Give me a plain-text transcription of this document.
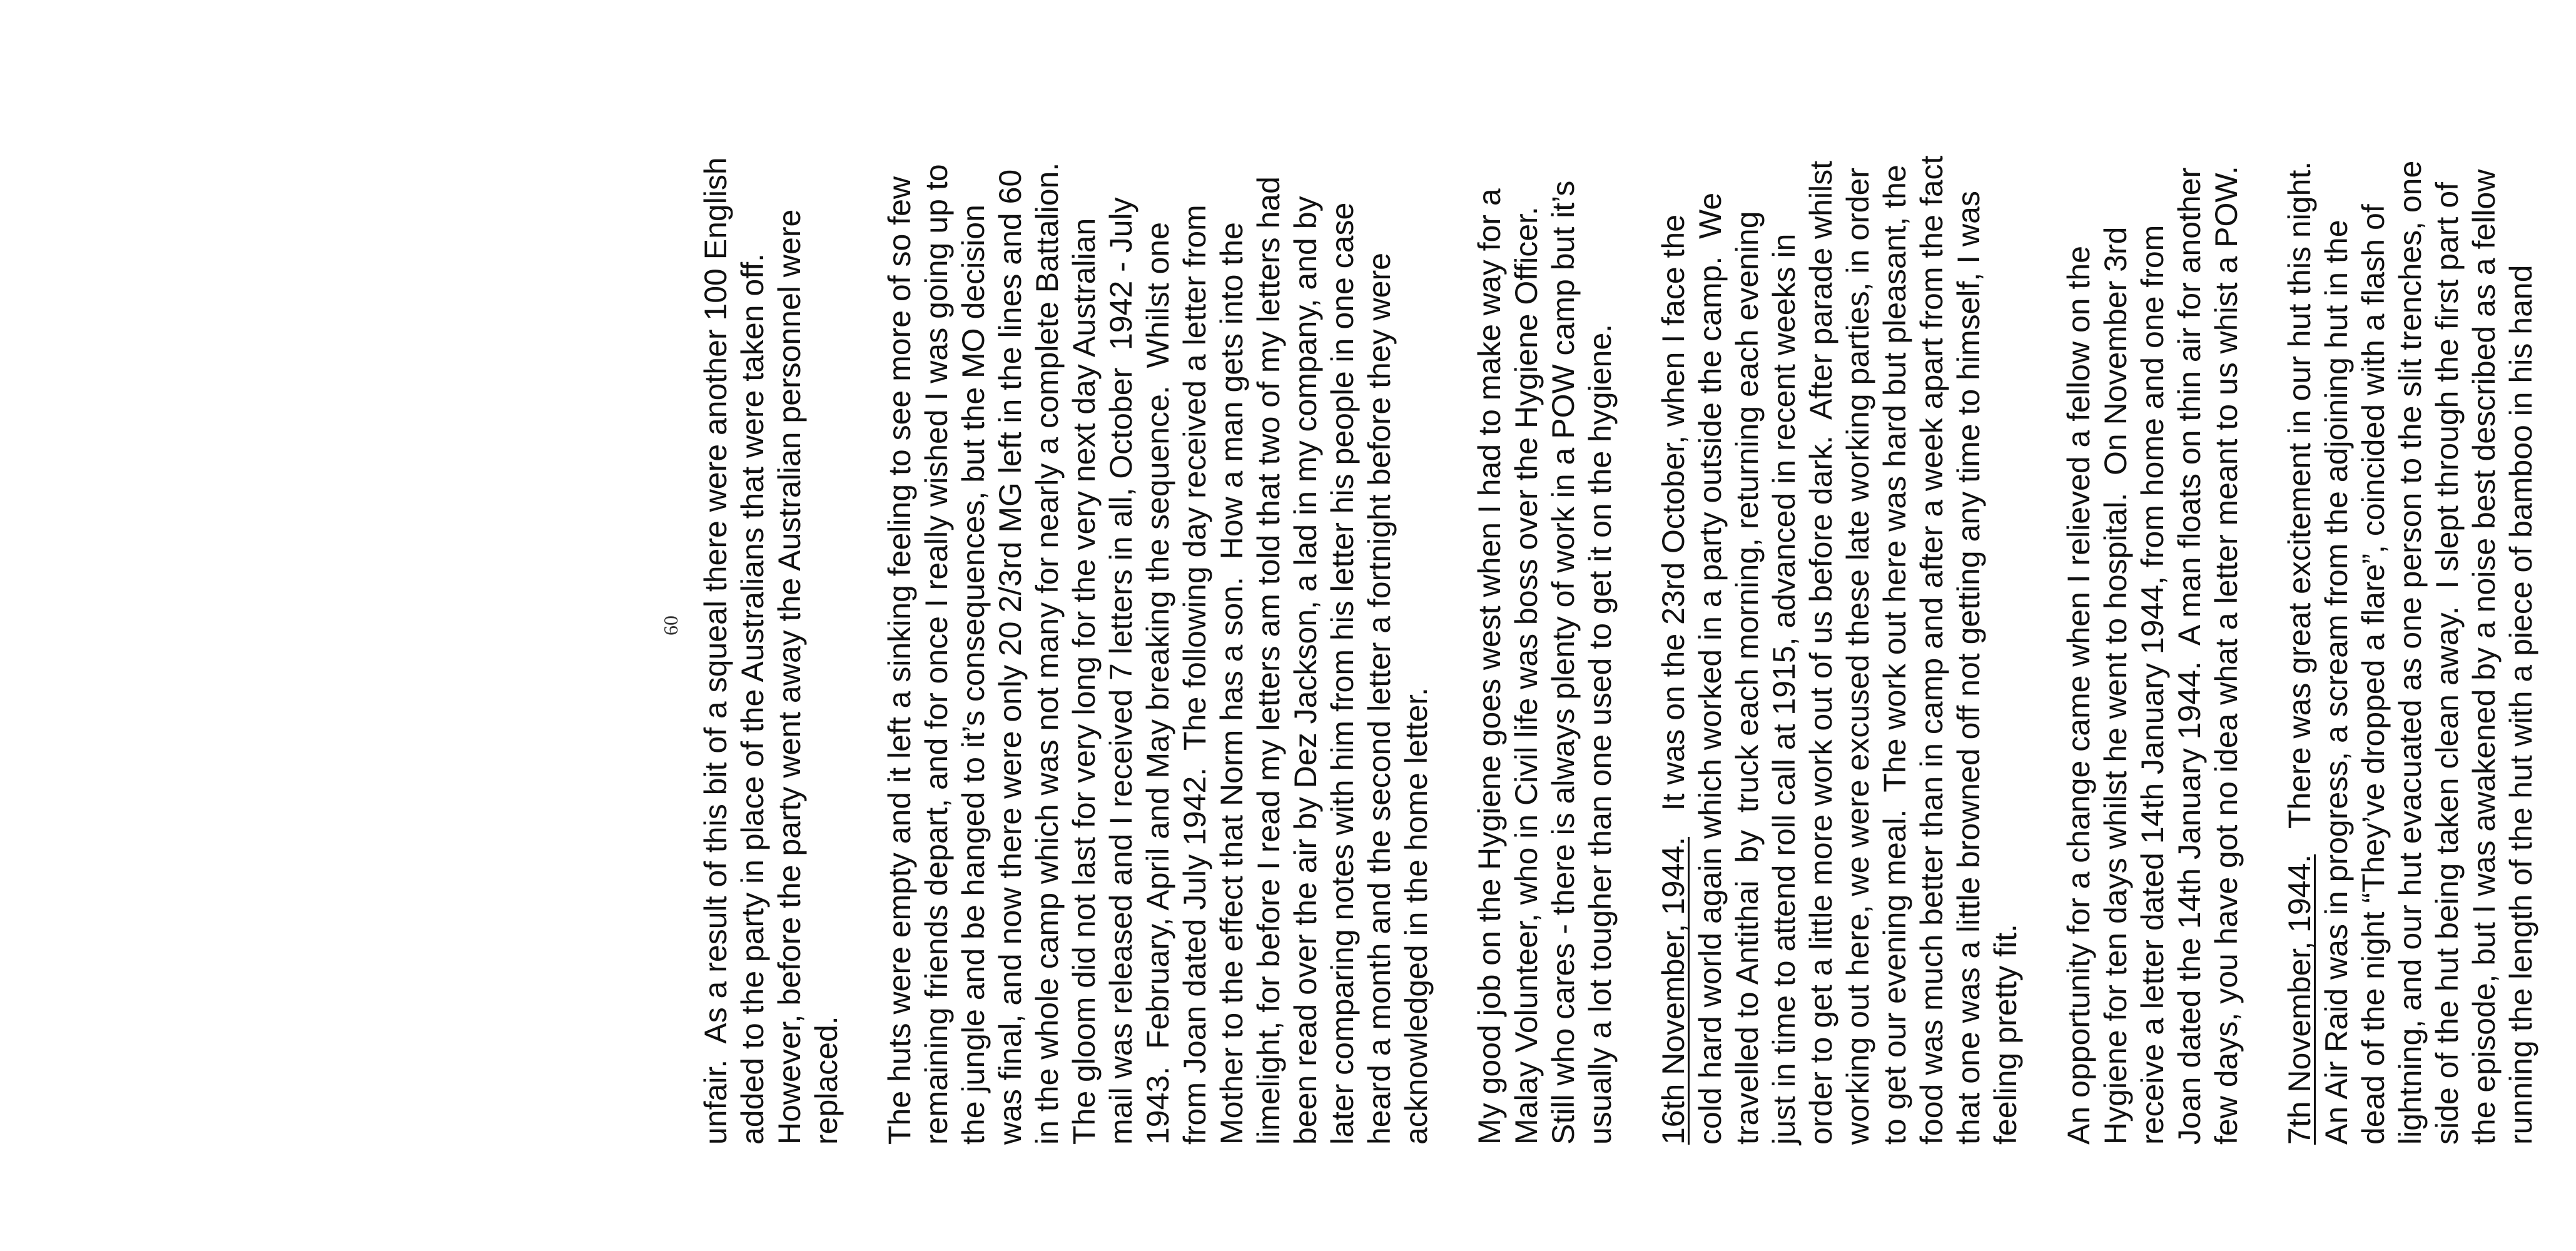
60 unfair.  As a result of this bit of a squeal there were another 100 English added to the party in place of the Australians that were taken off. However, before the party went away the Australian personnel were replaced. The huts were empty and it left a sinking feeling to see more of so few remaining friends depart, and for once I really wished I was going up to the jungle and be hanged to it’s consequences, but the MO decision was final, and now there were only 20 2/3rd MG left in the lines and 60 in the whole camp which was not many for nearly a complete Battalion. The gloom did not last for very long for the very next day Australian mail was released and I received 7 letters in all, October  1942 - July 1943.  February, April and May breaking the sequence.  Whilst one from Joan dated July 1942.  The following day received a letter from Mother to the effect that Norm has a son.  How a man gets into the limelight, for before I read my letters am told that two of my letters had been read over the air by Dez Jackson, a lad in my company, and by later comparing notes with him from his letter his people in one case heard a month and the second letter a fortnight before they were acknowledged in the home letter. My good job on the Hygiene goes west when I had to make way for a Malay Volunteer, who in Civil life was boss over the Hygiene Officer. Still who cares - there is always plenty of work in a POW camp but it’s usually a lot tougher than one used to get it on the hygiene. 16th November, 1944.   It was on the 23rd October, when I face the cold hard world again which worked in a party outside the camp.  We travelled to Antithai  by  truck each morning, returning each evening just in time to attend roll call at 1915, advanced in recent weeks in order to get a little more work out of us before dark.  After parade whilst working out here, we were excused these late working parties, in order to get our evening meal.  The work out here was hard but pleasant, the food was much better than in camp and after a week apart from the fact that one was a little browned off not getting any time to himself, I was feeling pretty fit. An opportunity for a change came when I relieved a fellow on the Hygiene for ten days whilst he went to hospital.  On November 3rd receive a letter dated 14th January 1944, from home and one from Joan dated the 14th January 1944.  A man floats on thin air for another few days, you have got no idea what a letter meant to us whist a POW. 7th November, 1944.   There was great excitement in our hut this night. An Air Raid was in progress, a scream from the adjoining hut in the dead of the night “They’ve dropped a flare”, coincided with a flash of lightning, and our hut evacuated as one person to the slit trenches, one side of the hut being taken clean away.  I slept through the first part of the episode, but I was awakened by a noise best described as a fellow running the length of the hut with a piece of bamboo in his hand
